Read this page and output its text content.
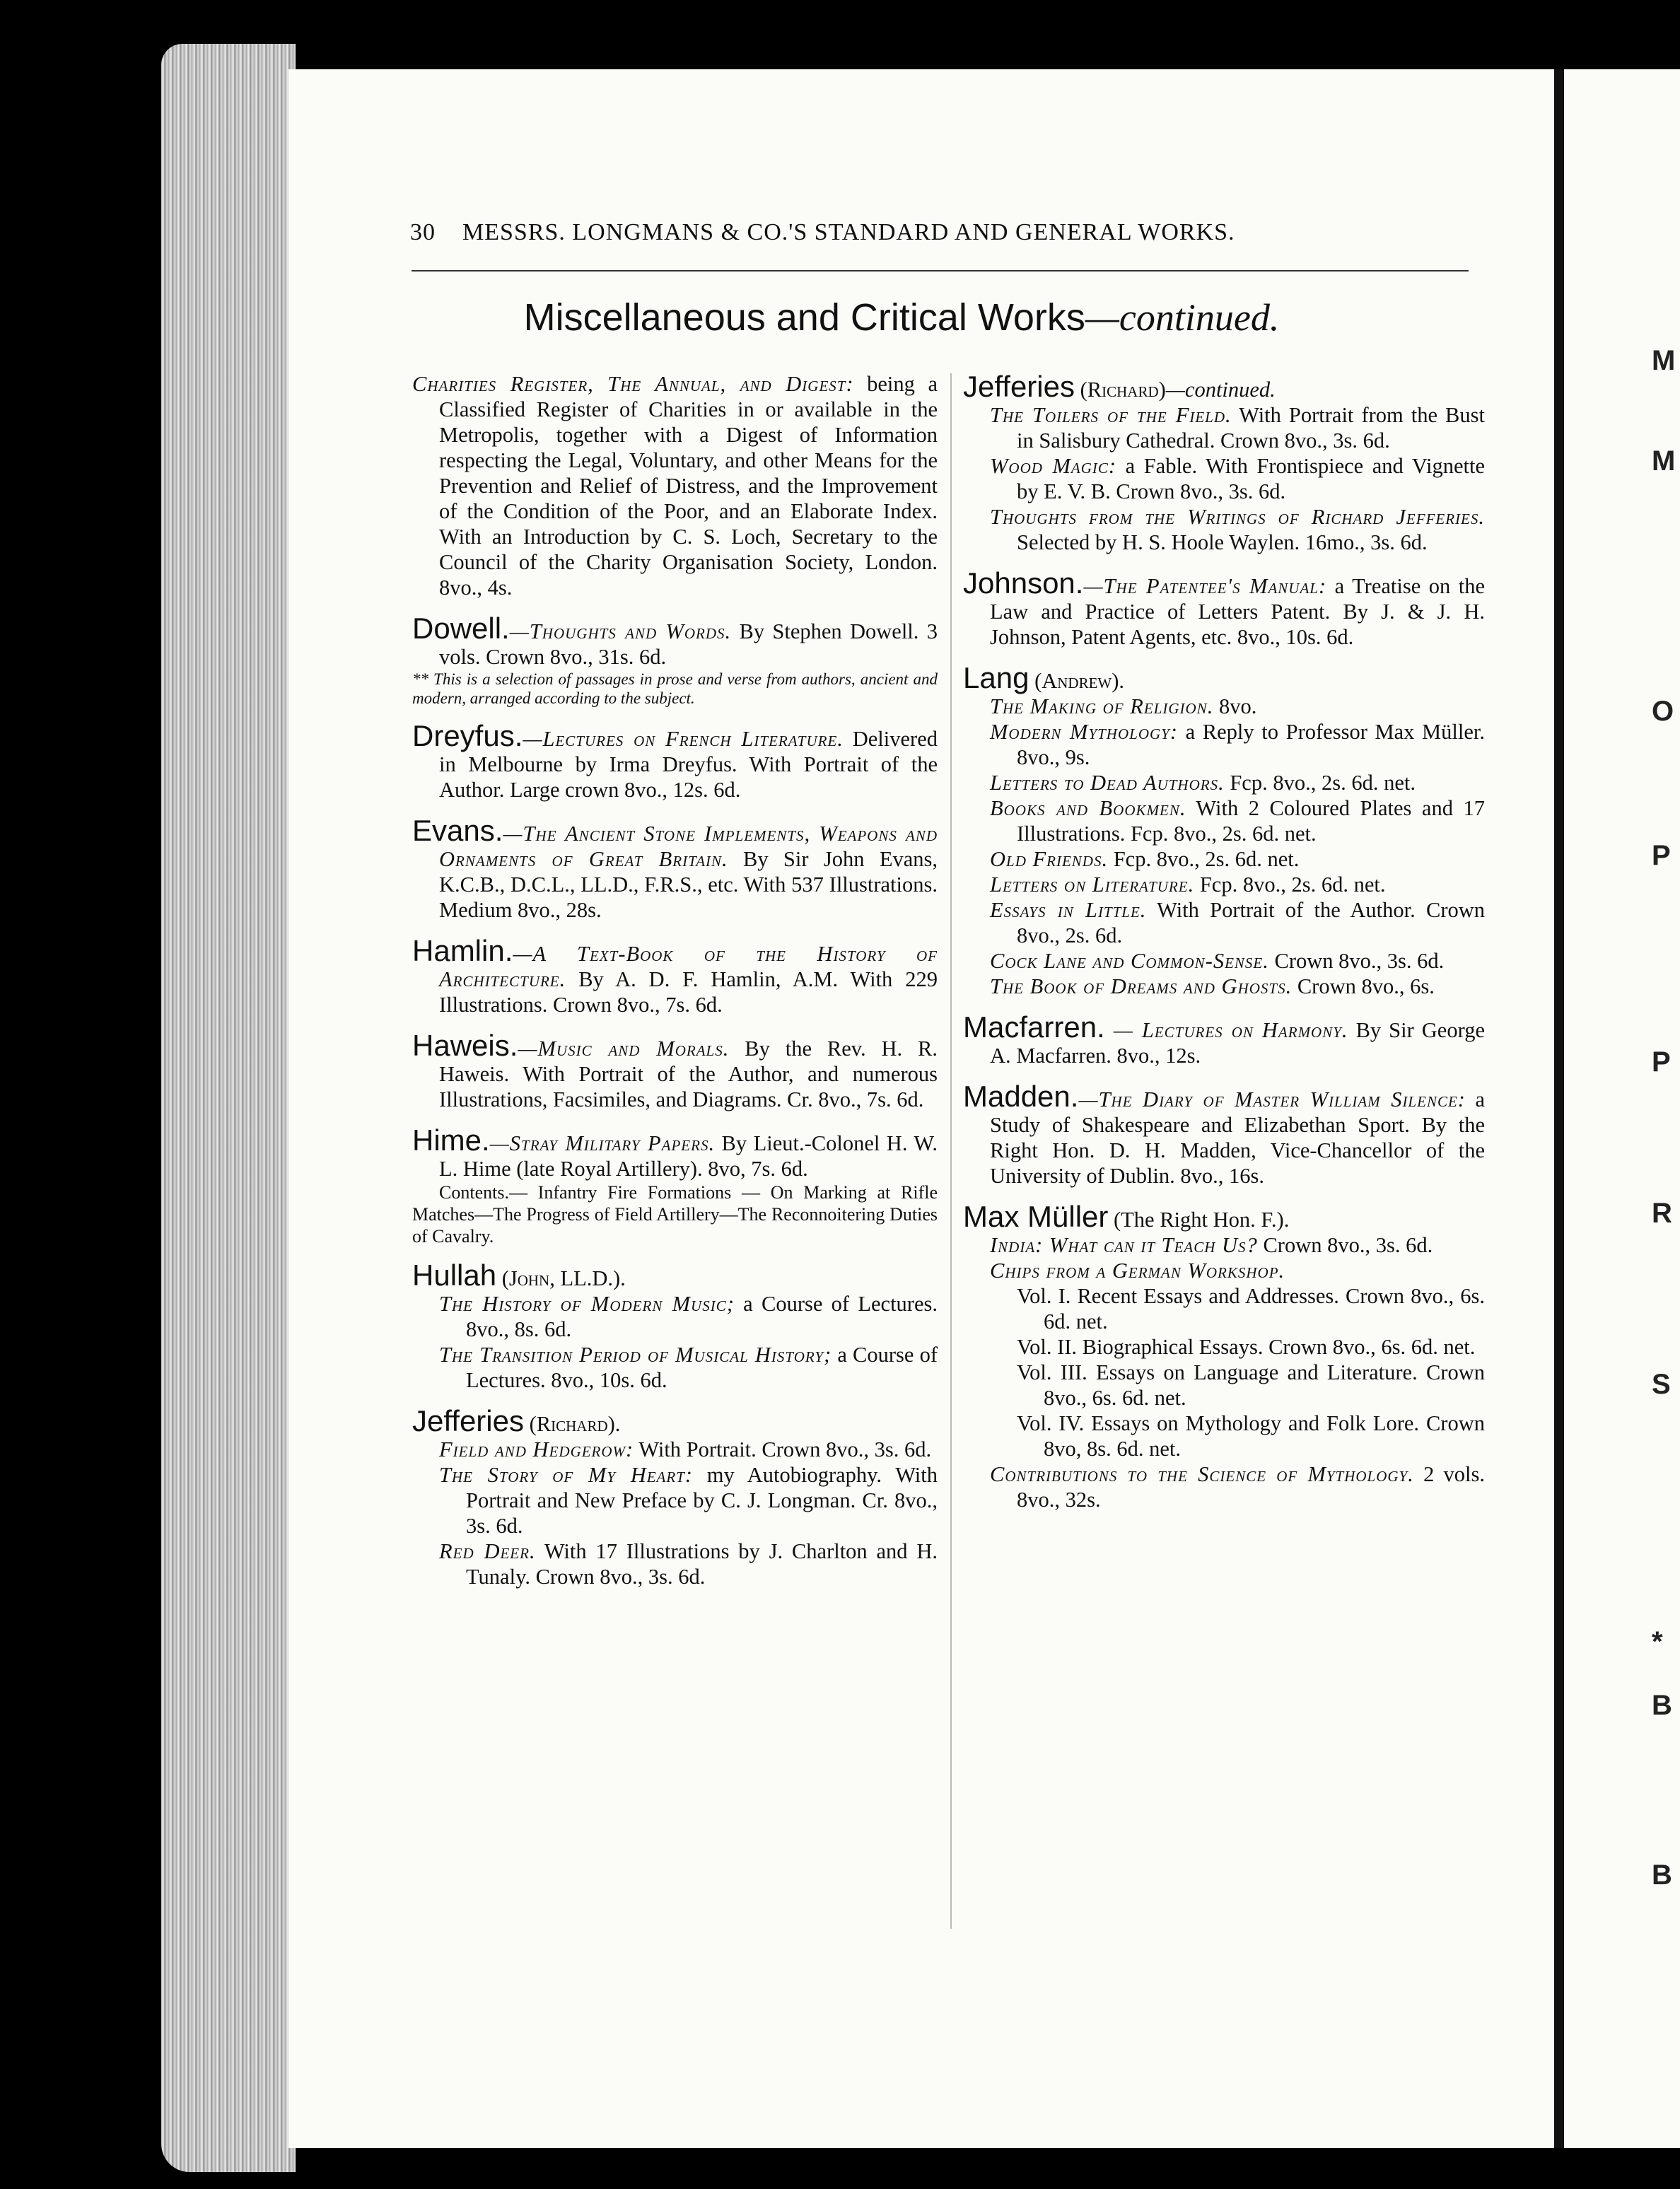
M
M
O
P
P
R
S
*
B
B
30 MESSRS. LONGMANS & CO.'S STANDARD AND GENERAL WORKS.
Miscellaneous and Critical Works—continued.

Charities Register, The Annual, and Digest: being a Classified Register of Charities in or available in the Metropolis, together with a Digest of Information respecting the Legal, Voluntary, and other Means for the Prevention and Relief of Distress, and the Improvement of the Condition of the Poor, and an Elaborate Index. With an Introduction by C. S. Loch, Secretary to the Council of the Charity Organisation Society, London. 8vo., 4s.

Dowell.—Thoughts and Words. By Stephen Dowell. 3 vols. Crown 8vo., 31s. 6d.

** This is a selection of passages in prose and verse from authors, ancient and modern, arranged according to the subject.

Dreyfus.—Lectures on French Literature. Delivered in Melbourne by Irma Dreyfus. With Portrait of the Author. Large crown 8vo., 12s. 6d.

Evans.—The Ancient Stone Implements, Weapons and Ornaments of Great Britain. By Sir John Evans, K.C.B., D.C.L., LL.D., F.R.S., etc. With 537 Illustrations. Medium 8vo., 28s.

Hamlin.—A Text-Book of the History of Architecture. By A. D. F. Hamlin, A.M. With 229 Illustrations. Crown 8vo., 7s. 6d.

Haweis.—Music and Morals. By the Rev. H. R. Haweis. With Portrait of the Author, and numerous Illustrations, Facsimiles, and Diagrams. Cr. 8vo., 7s. 6d.

Hime.—Stray Military Papers. By Lieut.-Colonel H. W. L. Hime (late Royal Artillery). 8vo, 7s. 6d.

Contents.— Infantry Fire Formations — On Marking at Rifle Matches—The Progress of Field Artillery—The Reconnoitering Duties of Cavalry.

Hullah (John, LL.D.).

The History of Modern Music; a Course of Lectures. 8vo., 8s. 6d.

The Transition Period of Musical History; a Course of Lectures. 8vo., 10s. 6d.

Jefferies (Richard).

Field and Hedgerow: With Portrait. Crown 8vo., 3s. 6d.

The Story of My Heart: my Autobiography. With Portrait and New Preface by C. J. Longman. Cr. 8vo., 3s. 6d.

Red Deer. With 17 Illustrations by J. Charlton and H. Tunaly. Crown 8vo., 3s. 6d.

Jefferies (Richard)—continued.

The Toilers of the Field. With Portrait from the Bust in Salisbury Cathedral. Crown 8vo., 3s. 6d.

Wood Magic: a Fable. With Frontispiece and Vignette by E. V. B. Crown 8vo., 3s. 6d.

Thoughts from the Writings of Richard Jefferies. Selected by H. S. Hoole Waylen. 16mo., 3s. 6d.

Johnson.—The Patentee's Manual: a Treatise on the Law and Practice of Letters Patent. By J. & J. H. Johnson, Patent Agents, etc. 8vo., 10s. 6d.

Lang (Andrew).

The Making of Religion. 8vo.

Modern Mythology: a Reply to Professor Max Müller. 8vo., 9s.

Letters to Dead Authors. Fcp. 8vo., 2s. 6d. net.

Books and Bookmen. With 2 Coloured Plates and 17 Illustrations. Fcp. 8vo., 2s. 6d. net.

Old Friends. Fcp. 8vo., 2s. 6d. net.

Letters on Literature. Fcp. 8vo., 2s. 6d. net.

Essays in Little. With Portrait of the Author. Crown 8vo., 2s. 6d.

Cock Lane and Common-Sense. Crown 8vo., 3s. 6d.

The Book of Dreams and Ghosts. Crown 8vo., 6s.

Macfarren. — Lectures on Harmony. By Sir George A. Macfarren. 8vo., 12s.

Madden.—The Diary of Master William Silence: a Study of Shakespeare and Elizabethan Sport. By the Right Hon. D. H. Madden, Vice-Chancellor of the University of Dublin. 8vo., 16s.

Max Müller (The Right Hon. F.).

India: What can it Teach Us? Crown 8vo., 3s. 6d.

Chips from a German Workshop.

Vol. I. Recent Essays and Addresses. Crown 8vo., 6s. 6d. net.

Vol. II. Biographical Essays. Crown 8vo., 6s. 6d. net.

Vol. III. Essays on Language and Literature. Crown 8vo., 6s. 6d. net.

Vol. IV. Essays on Mythology and Folk Lore. Crown 8vo, 8s. 6d. net.

Contributions to the Science of Mythology. 2 vols. 8vo., 32s.
